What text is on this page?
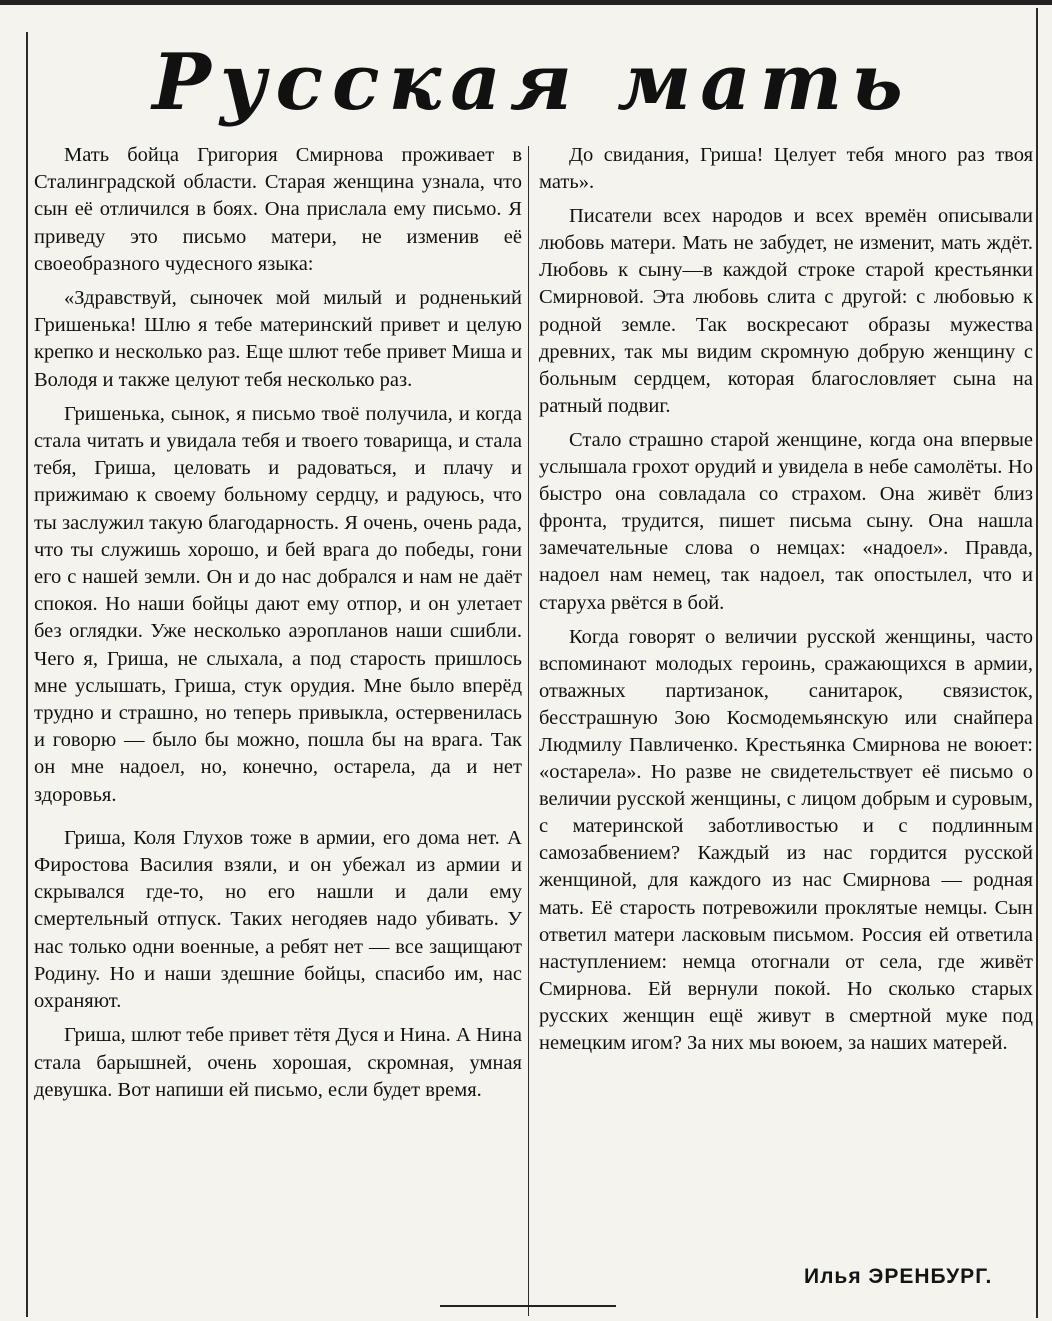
Русская мать

Мать бойца Григория Смирнова проживает в Сталинградской области. Старая женщина узнала, что сын её отличился в боях. Она прислала ему письмо. Я приведу это письмо матери, не изменив её своеобразного чудесного языка:

«Здравствуй, сыночек мой милый и родненький Гришенька! Шлю я тебе материнский привет и целую крепко и несколько раз. Еще шлют тебе привет Миша и Володя и также целуют тебя несколько раз.

Гришенька, сынок, я письмо твоё получила, и когда стала читать и увидала тебя и твоего товарища, и стала тебя, Гриша, целовать и радоваться, и плачу и прижимаю к своему больному сердцу, и радуюсь, что ты заслужил такую благодарность. Я очень, очень рада, что ты служишь хорошо, и бей врага до победы, гони его с нашей земли. Он и до нас добрался и нам не даёт спокоя. Но наши бойцы дают ему отпор, и он улетает без оглядки. Уже несколько аэропланов наши сшибли. Чего я, Гриша, не слыхала, а под старость пришлось мне услышать, Гриша, стук орудия. Мне было вперёд трудно и страшно, но теперь привыкла, остервенилась и говорю — было бы можно, пошла бы на врага. Так он мне надоел, но, конечно, остарела, да и нет здоровья.

Гриша, Коля Глухов тоже в армии, его дома нет. А Фиростова Василия взяли, и он убежал из армии и скрывался где-то, но его нашли и дали ему смертельный отпуск. Таких негодяев надо убивать. У нас только одни военные, а ребят нет — все защищают Родину. Но и наши здешние бойцы, спасибо им, нас охраняют.

Гриша, шлют тебе привет тётя Дуся и Нина. А Нина стала барышней, очень хорошая, скромная, умная девушка. Вот напиши ей письмо, если будет время.

До свидания, Гриша! Целует тебя много раз твоя мать».

Писатели всех народов и всех времён описывали любовь матери. Мать не забудет, не изменит, мать ждёт. Любовь к сыну—в каждой строке старой крестьянки Смирновой. Эта любовь слита с другой: с любовью к родной земле. Так воскресают образы мужества древних, так мы видим скромную добрую женщину с больным сердцем, которая благословляет сына на ратный подвиг.

Стало страшно старой женщине, когда она впервые услышала грохот орудий и увидела в небе самолёты. Но быстро она совладала со страхом. Она живёт близ фронта, трудится, пишет письма сыну. Она нашла замечательные слова о немцах: «надоел». Правда, надоел нам немец, так надоел, так опостылел, что и старуха рвётся в бой.

Когда говорят о величии русской женщины, часто вспоминают молодых героинь, сражающихся в армии, отважных партизанок, санитарок, связисток, бесстрашную Зою Космодемьянскую или снайпера Людмилу Павличенко. Крестьянка Смирнова не воюет: «остарела». Но разве не свидетельствует её письмо о величии русской женщины, с лицом добрым и суровым, с материнской заботливостью и с подлинным самозабвением? Каждый из нас гордится русской женщиной, для каждого из нас Смирнова — родная мать. Её старость потревожили проклятые немцы. Сын ответил матери ласковым письмом. Россия ей ответила наступлением: немца отогнали от села, где живёт Смирнова. Ей вернули покой. Но сколько старых русских женщин ещё живут в смертной муке под немецким игом? За них мы воюем, за наших матерей.

Илья ЭРЕНБУРГ.
